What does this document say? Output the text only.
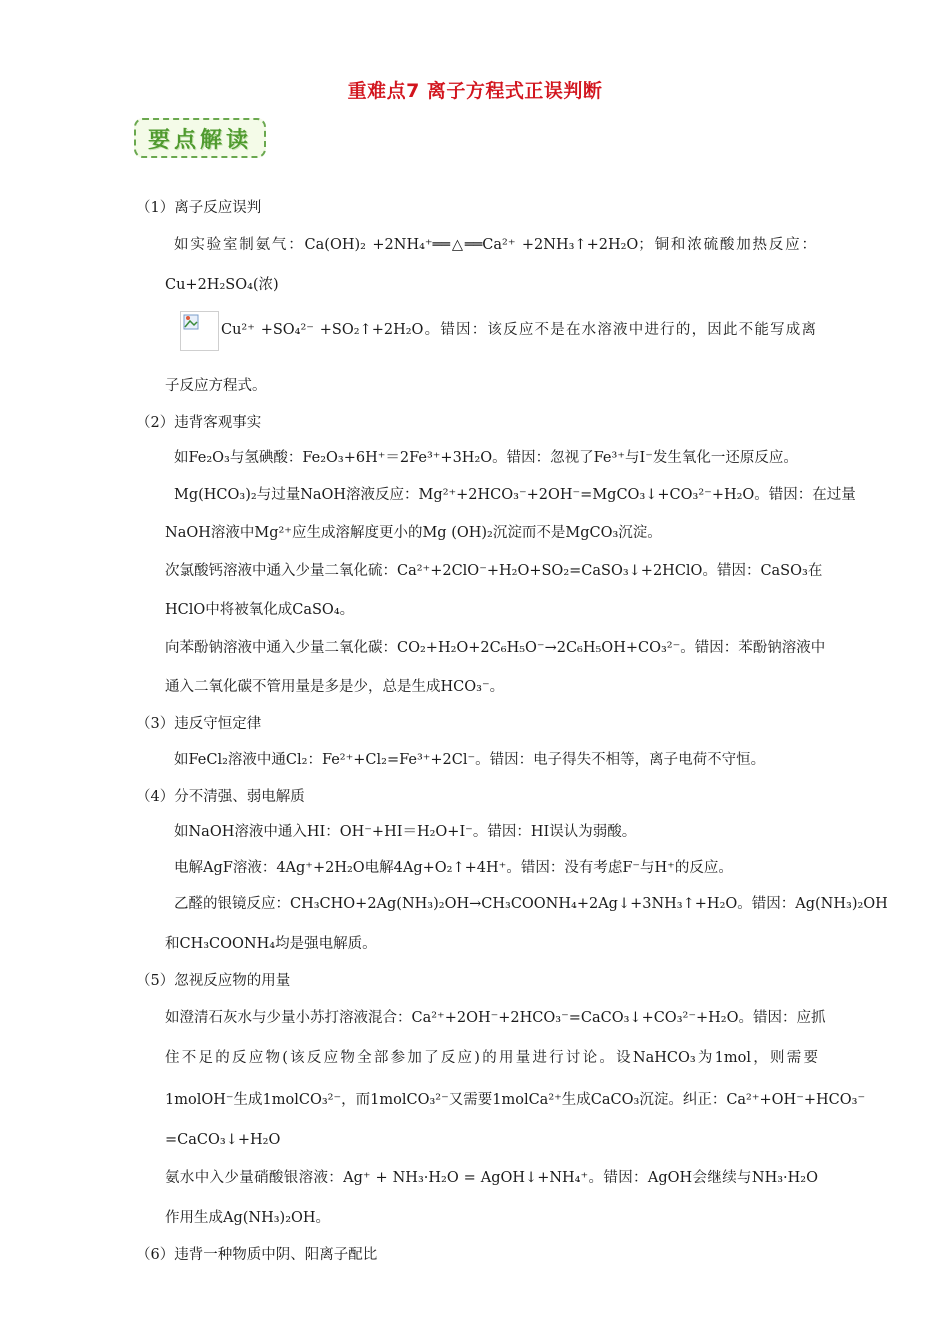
重难点7 离子方程式正误判断
要点解读
（1）离子反应误判
如实验室制氨气：Ca(OH)₂ +2NH₄⁺══△══Ca²⁺ +2NH₃↑+2H₂O；铜和浓硫酸加热反应：
Cu+2H₂SO₄(浓)
Cu²⁺ +SO₄²⁻ +SO₂↑+2H₂O。错因：该反应不是在水溶液中进行的，因此不能写成离
子反应方程式。
（2）违背客观事实
如Fe₂O₃与氢碘酸：Fe₂O₃+6H⁺＝2Fe³⁺+3H₂O。错因：忽视了Fe³⁺与I⁻发生氧化一还原反应。
Mg(HCO₃)₂与过量NaOH溶液反应：Mg²⁺+2HCO₃⁻+2OH⁻=MgCO₃↓+CO₃²⁻+H₂O。错因：在过量
NaOH溶液中Mg²⁺应生成溶解度更小的Mg (OH)₂沉淀而不是MgCO₃沉淀。
次氯酸钙溶液中通入少量二氧化硫：Ca²⁺+2ClO⁻+H₂O+SO₂=CaSO₃↓+2HClO。错因：CaSO₃在
HClO中将被氧化成CaSO₄。
向苯酚钠溶液中通入少量二氧化碳：CO₂+H₂O+2C₆H₅O⁻→2C₆H₅OH+CO₃²⁻。错因：苯酚钠溶液中
通入二氧化碳不管用量是多是少，总是生成HCO₃⁻。
（3）违反守恒定律
如FeCl₂溶液中通Cl₂：Fe²⁺+Cl₂=Fe³⁺+2Cl⁻。错因：电子得失不相等，离子电荷不守恒。
（4）分不清强、弱电解质
如NaOH溶液中通入HI：OH⁻+HI＝H₂O+I⁻。错因：HI误认为弱酸。
电解AgF溶液：4Ag⁺+2H₂O电解4Ag+O₂↑+4H⁺。错因：没有考虑F⁻与H⁺的反应。
乙醛的银镜反应：CH₃CHO+2Ag(NH₃)₂OH→CH₃COONH₄+2Ag↓+3NH₃↑+H₂O。错因：Ag(NH₃)₂OH
和CH₃COONH₄均是强电解质。
（5）忽视反应物的用量
如澄清石灰水与少量小苏打溶液混合：Ca²⁺+2OH⁻+2HCO₃⁻=CaCO₃↓+CO₃²⁻+H₂O。错因：应抓
住不足的反应物(该反应物全部参加了反应)的用量进行讨论。设NaHCO₃为1mol，则需要
1molOH⁻生成1molCO₃²⁻，而1molCO₃²⁻又需要1molCa²⁺生成CaCO₃沉淀。纠正：Ca²⁺+OH⁻+HCO₃⁻
=CaCO₃↓+H₂O
氨水中入少量硝酸银溶液：Ag⁺ + NH₃·H₂O = AgOH↓+NH₄⁺。错因：AgOH会继续与NH₃·H₂O
作用生成Ag(NH₃)₂OH。
（6）违背一种物质中阴、阳离子配比
